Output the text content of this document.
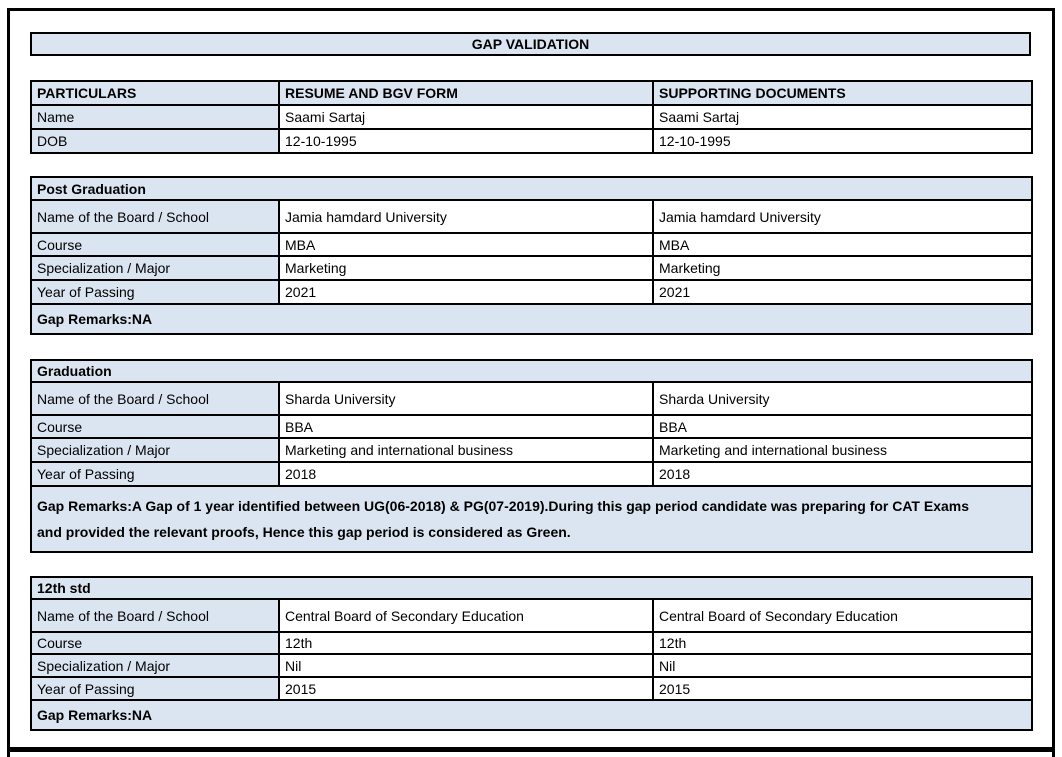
GAP VALIDATION
PARTICULARS	RESUME AND BGV FORM	SUPPORTING DOCUMENTS
Name	Saami Sartaj	Saami Sartaj
DOB	12-10-1995	12-10-1995
Post Graduation		
Name of the Board / School	Jamia hamdard University	Jamia hamdard University
Course	MBA	MBA
Specialization / Major	Marketing	Marketing
Year of Passing	2021	2021
Gap Remarks:NA		
Graduation		
Name of the Board / School	Sharda University	Sharda University
Course	BBA	BBA
Specialization / Major	Marketing and international business	Marketing and international business
Year of Passing	2018	2018
Gap Remarks:A Gap of 1 year identified between UG(06-2018) & PG(07-2019).During this gap period candidate was preparing for CAT Exams and provided the relevant proofs, Hence this gap period is considered as Green.		
12th std		
Name of the Board / School	Central Board of Secondary Education	Central Board of Secondary Education
Course	12th	12th
Specialization / Major	Nil	Nil
Year of Passing	2015	2015
Gap Remarks:NA		
